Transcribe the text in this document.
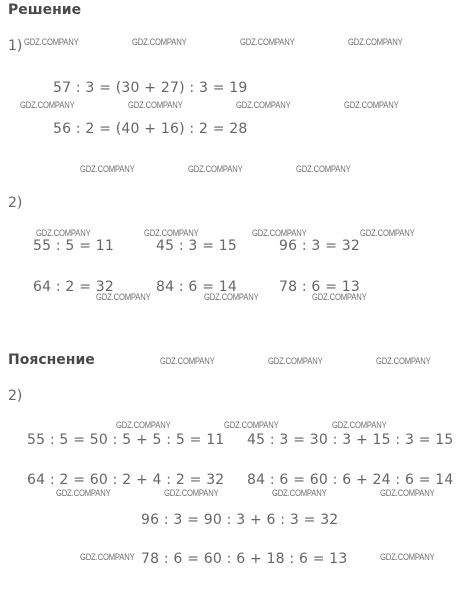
Решение
Пояснение
1)
2)
2)
57 : 3 = (30 + 27) : 3 = 19
56 : 2 = (40 + 16) : 2 = 28
55 : 5 = 11	45 : 3 = 15	96 : 3 = 32
64 : 2 = 32	84 : 6 = 14	78 : 6 = 13
55 : 5 = 50 : 5 + 5 : 5 = 11 45 : 3 = 30 : 3 + 15 : 3 = 15
64 : 2 = 60 : 2 + 4 : 2 = 32 84 : 6 = 60 : 6 + 24 : 6 = 14
96 : 3 = 90 : 3 + 6 : 3 = 32
78 : 6 = 60 : 6 + 18 : 6 = 13
GDZ.COMPANY	GDZ.COMPANY	GDZ.COMPANY	GDZ.COMPANY
GDZ.COMPANY	GDZ.COMPANY	GDZ.COMPANY	GDZ.COMPANY
GDZ.COMPANY	GDZ.COMPANY	GDZ.COMPANY
GDZ.COMPANY	GDZ.COMPANY	GDZ.COMPANY	GDZ.COMPANY
GDZ.COMPANY	GDZ.COMPANY	GDZ.COMPANY
GDZ.COMPANY	GDZ.COMPANY	GDZ.COMPANY
GDZ.COMPANY	GDZ.COMPANY	GDZ.COMPANY
GDZ.COMPANY	GDZ.COMPANY	GDZ.COMPANY	GDZ.COMPANY
GDZ.COMPANY	GDZ.COMPANY
